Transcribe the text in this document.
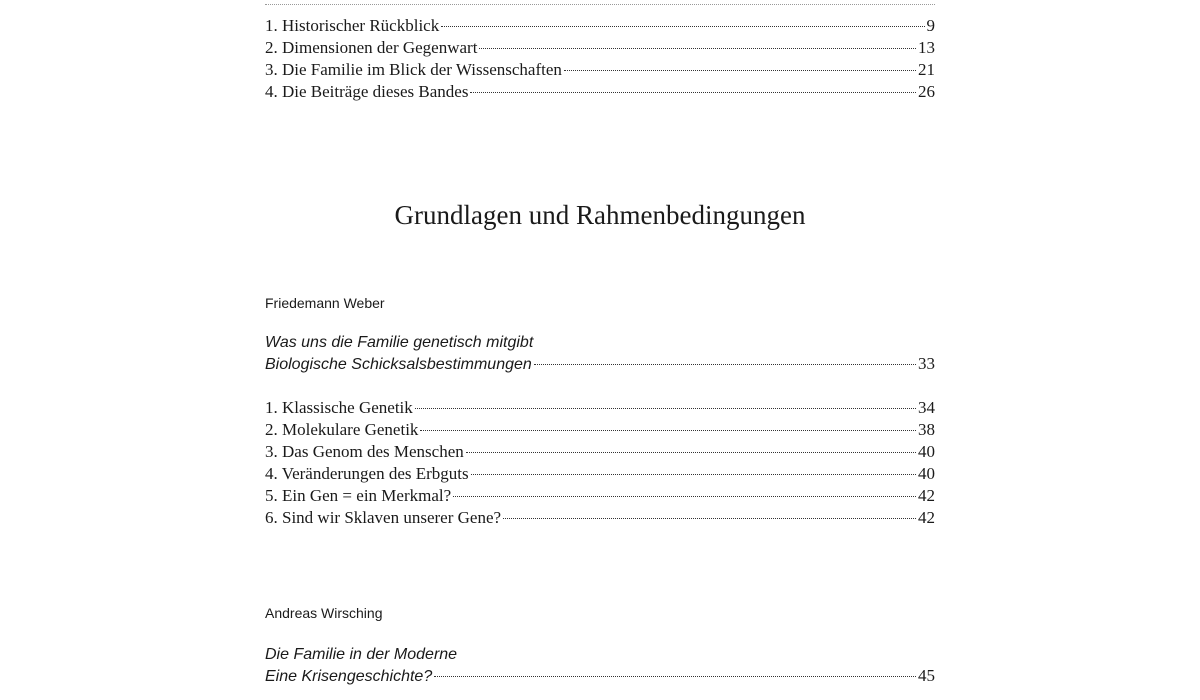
1. Historischer Rückblick	9
2. Dimensionen der Gegenwart	13
3. Die Familie im Blick der Wissenschaften	21
4. Die Beiträge dieses Bandes	26
Grundlagen und Rahmenbedingungen
Friedemann Weber
Was uns die Familie genetisch mitgibt
Biologische Schicksalsbestimmungen	33
1. Klassische Genetik	34
2. Molekulare Genetik	38
3. Das Genom des Menschen	40
4. Veränderungen des Erbguts	40
5. Ein Gen = ein Merkmal?	42
6. Sind wir Sklaven unserer Gene?	42
Andreas Wirsching
Die Familie in der Moderne
Eine Krisengeschichte?	45
